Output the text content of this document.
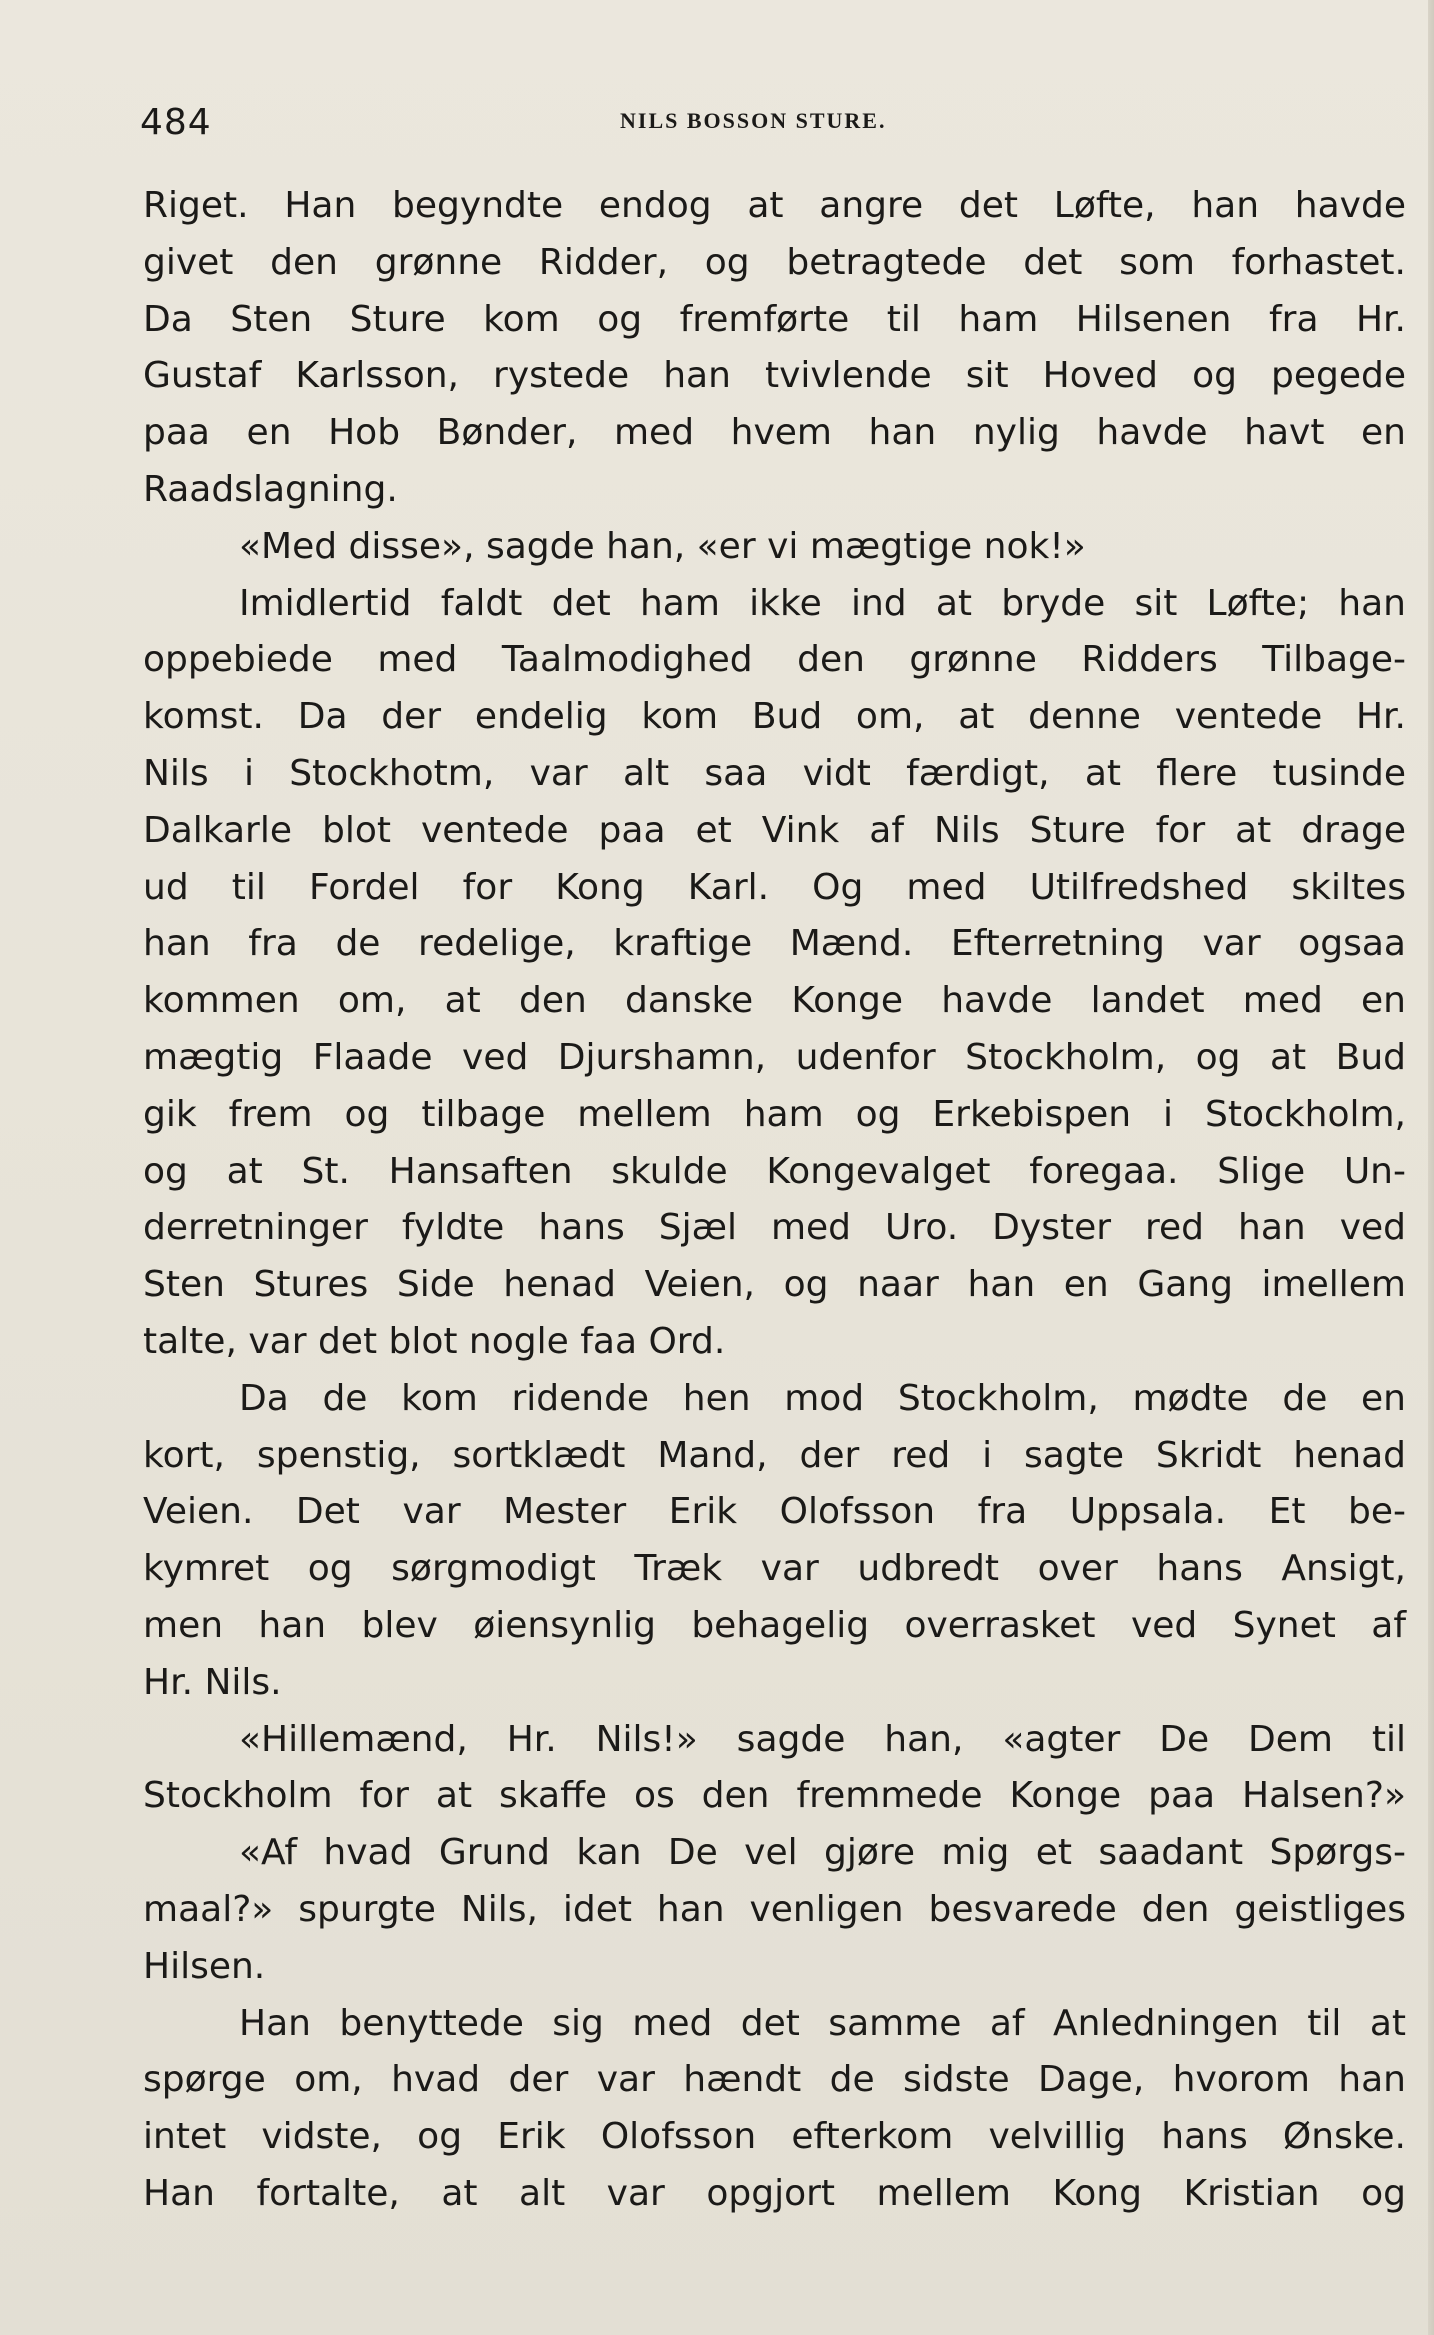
484	NILS BOSSON STURE.
Riget. Han begyndte endog at angre det Løfte, han havde
givet den grønne Ridder, og betragtede det som forhastet.
Da Sten Sture kom og fremførte til ham Hilsenen fra Hr.
Gustaf Karlsson, rystede han tvivlende sit Hoved og pegede
paa en Hob Bønder, med hvem han nylig havde havt en
Raadslagning.
«Med disse», sagde han, «er vi mægtige nok!»
Imidlertid faldt det ham ikke ind at bryde sit Løfte; han
oppebiede med Taalmodighed den grønne Ridders Tilbage-
komst. Da der endelig kom Bud om, at denne ventede Hr.
Nils i Stockhotm, var alt saa vidt færdigt, at flere tusinde
Dalkarle blot ventede paa et Vink af Nils Sture for at drage
ud til Fordel for Kong Karl. Og med Utilfredshed skiltes
han fra de redelige, kraftige Mænd. Efterretning var ogsaa
kommen om, at den danske Konge havde landet med en
mægtig Flaade ved Djurshamn, udenfor Stockholm, og at Bud
gik frem og tilbage mellem ham og Erkebispen i Stockholm,
og at St. Hansaften skulde Kongevalget foregaa. Slige Un-
derretninger fyldte hans Sjæl med Uro. Dyster red han ved
Sten Stures Side henad Veien, og naar han en Gang imellem
talte, var det blot nogle faa Ord.
Da de kom ridende hen mod Stockholm, mødte de en
kort, spenstig, sortklædt Mand, der red i sagte Skridt henad
Veien. Det var Mester Erik Olofsson fra Uppsala. Et be-
kymret og sørgmodigt Træk var udbredt over hans Ansigt,
men han blev øiensynlig behagelig overrasket ved Synet af
Hr. Nils.
«Hillemænd, Hr. Nils!» sagde han, «agter De Dem til
Stockholm for at skaffe os den fremmede Konge paa Halsen?»
«Af hvad Grund kan De vel gjøre mig et saadant Spørgs-
maal?» spurgte Nils, idet han venligen besvarede den geistliges
Hilsen.
Han benyttede sig med det samme af Anledningen til at
spørge om, hvad der var hændt de sidste Dage, hvorom han
intet vidste, og Erik Olofsson efterkom velvillig hans Ønske.
Han fortalte, at alt var opgjort mellem Kong Kristian og
